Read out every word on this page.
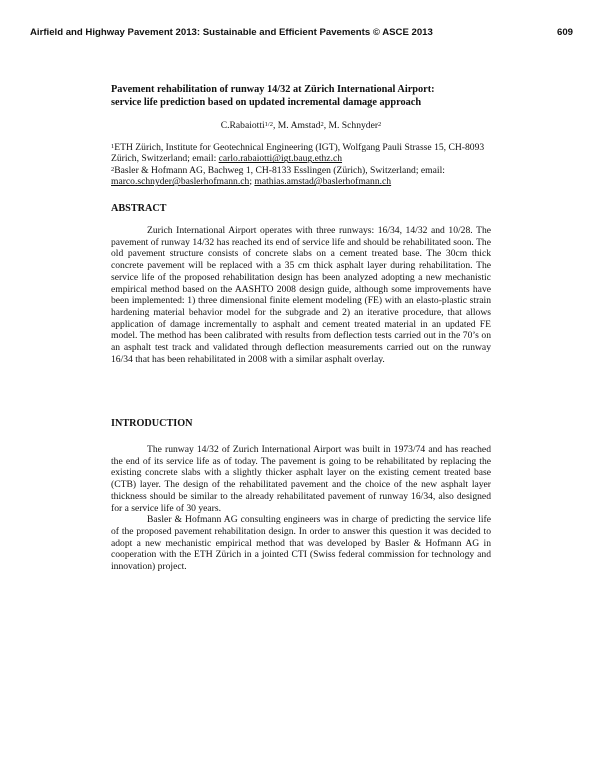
Airfield and Highway Pavement 2013: Sustainable and Efficient Pavements © ASCE 2013	609
Pavement rehabilitation of runway 14/32 at Zürich International Airport:
service life prediction based on updated incremental damage approach
C.Rabaiotti$^{1/2}$, M. Amstad$^2$, M. Schnyder$^2$

$^1$ETH Zürich, Institute for Geotechnical Engineering (IGT), Wolfgang Pauli Strasse 15, CH-8093 Zürich, Switzerland; email: carlo.rabaiotti@igt.baug.ethz.ch

$^2$Basler & Hofmann AG, Bachweg 1, CH-8133 Esslingen (Zürich), Switzerland; email: marco.schnyder@baslerhofmann.ch; mathias.amstad@baslerhofmann.ch

ABSTRACT

Zurich International Airport operates with three runways: 16/34, 14/32 and 10/28. The pavement of runway 14/32 has reached its end of service life and should be rehabilitated soon. The old pavement structure consists of concrete slabs on a cement treated base. The 30cm thick concrete pavement will be replaced with a 35 cm thick asphalt layer during rehabilitation. The service life of the proposed rehabilitation design has been analyzed adopting a new mechanistic empirical method based on the AASHTO 2008 design guide, although some improvements have been implemented: 1) three dimensional finite element modeling (FE) with an elasto-plastic strain hardening material behavior model for the subgrade and 2) an iterative procedure, that allows application of damage incrementally to asphalt and cement treated material in an updated FE model. The method has been calibrated with results from deflection tests carried out in the 70’s on an asphalt test track and validated through deflection measurements carried out on the runway 16/34 that has been rehabilitated in 2008 with a similar asphalt overlay.

INTRODUCTION

The runway 14/32 of Zurich International Airport was built in 1973/74 and has reached the end of its service life as of today. The pavement is going to be rehabilitated by replacing the existing concrete slabs with a slightly thicker asphalt layer on the existing cement treated base (CTB) layer. The design of the rehabilitated pavement and the choice of the new asphalt layer thickness should be similar to the already rehabilitated pavement of runway 16/34, also designed for a service life of 30 years.

Basler & Hofmann AG consulting engineers was in charge of predicting the service life of the proposed pavement rehabilitation design. In order to answer this question it was decided to adopt a new mechanistic empirical method that was developed by Basler & Hofmann AG in cooperation with the ETH Zürich in a jointed CTI (Swiss federal commission for technology and innovation) project.
